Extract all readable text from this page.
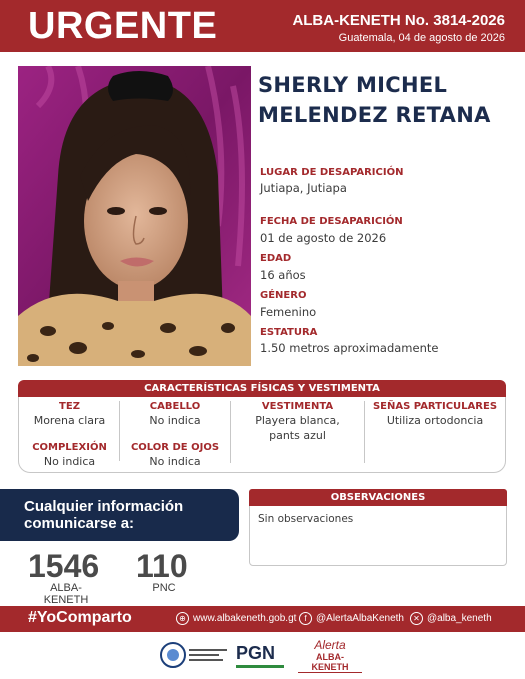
URGENTE	ALBA-KENETH No. 3814-2026
Guatemala, 04 de agosto de 2026
SHERLY MICHEL
MELENDEZ RETANA
LUGAR DE DESAPARICIÓN
Jutiapa, Jutiapa
FECHA DE DESAPARICIÓN
01 de agosto de 2026
EDAD
16 años
GÉNERO
Femenino
ESTATURA
1.50 metros aproximadamente
CARACTERÍSTICAS FÍSICAS Y VESTIMENTA
TEZ
Morena clara
CABELLO
No indica
VESTIMENTA
Playera blanca,
pants azul
SEÑAS PARTICULARES
Utiliza ortodoncia
COMPLEXIÓN
No indica
COLOR DE OJOS
No indica
Cualquier información
comunicarse a:
1546
ALBA-KENETH
110
PNC
OBSERVACIONES
Sin observaciones
#YoComparto	⊕ www.albakeneth.gob.gt f @AlertaAlbaKeneth	✕ @alba_keneth
PGN	Alerta
ALBA-KENETH
